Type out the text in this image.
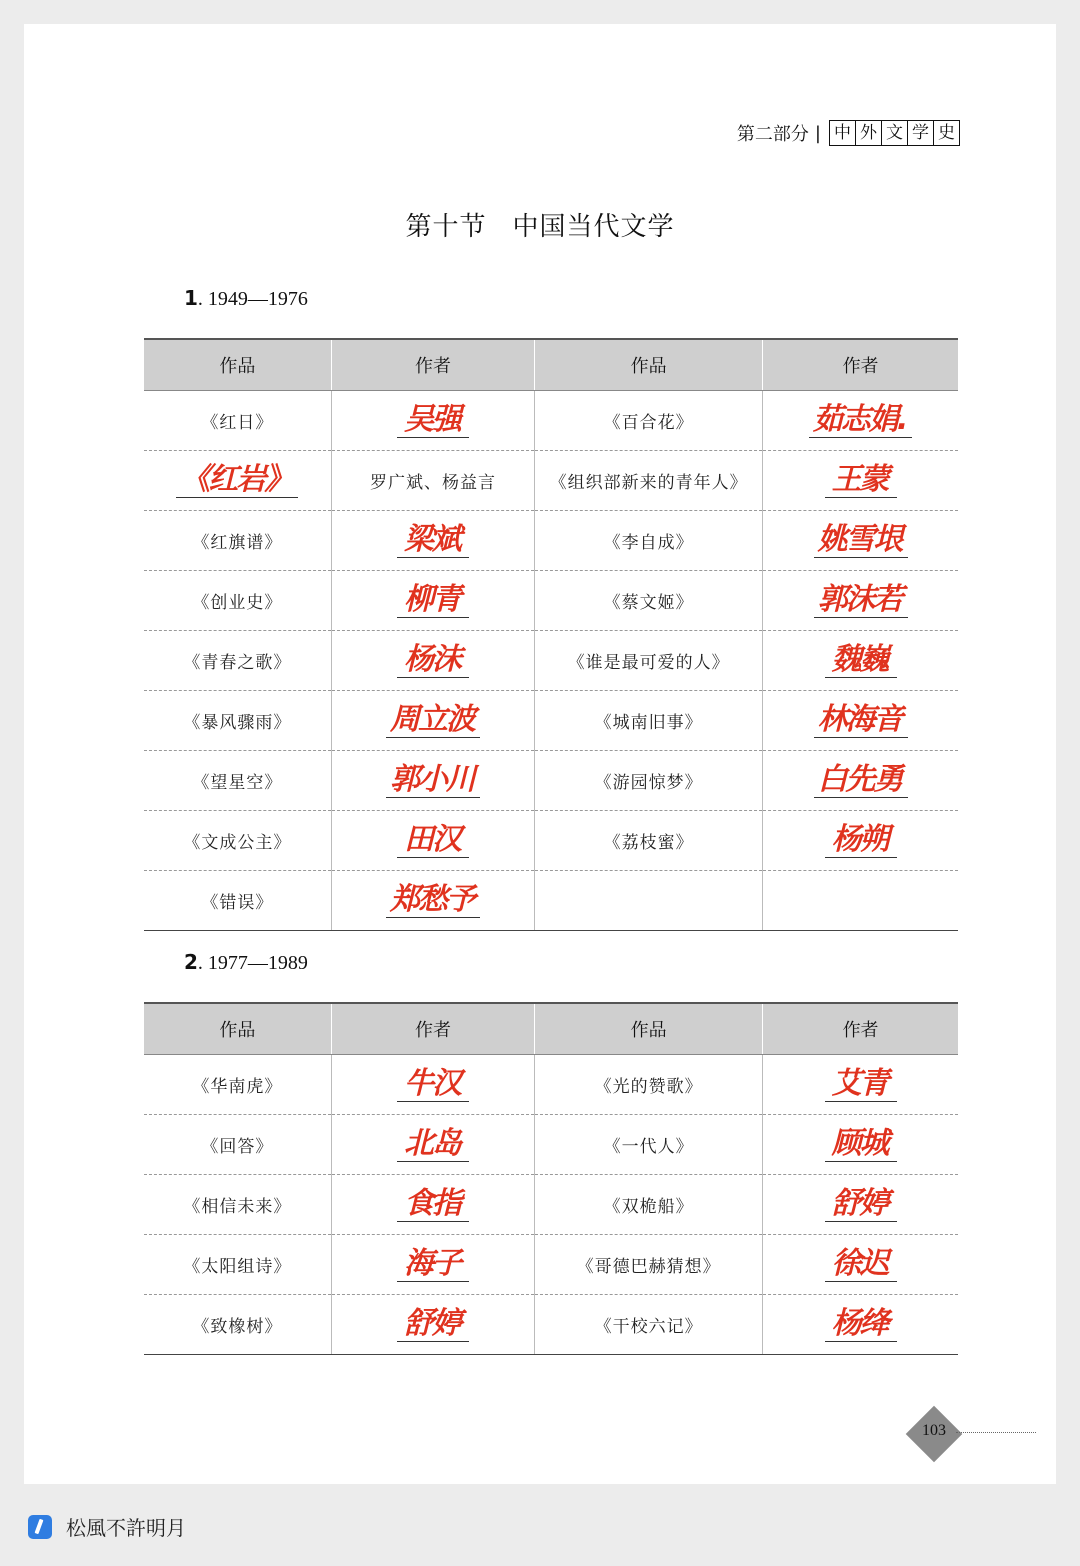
第二部分 | 中 外 文 学 史
第十节 中国当代文学
1. 1949—1976
作品	作者	作品	作者
《红日》	吴强	《百合花》	茹志娟.
《红岩》	罗广斌、杨益言	《组织部新来的青年人》	王蒙
《红旗谱》	梁斌	《李自成》	姚雪垠
《创业史》	柳青	《蔡文姬》	郭沫若
《青春之歌》	杨沫	《谁是最可爱的人》	魏巍
《暴风骤雨》	周立波	《城南旧事》	林海音
《望星空》	郭小川	《游园惊梦》	白先勇
《文成公主》	田汉	《荔枝蜜》	杨朔
《错误》	郑愁予		
2. 1977—1989
作品	作者	作品	作者
《华南虎》	牛汉	《光的赞歌》	艾青
《回答》	北岛	《一代人》	顾城
《相信未来》	食指	《双桅船》	舒婷
《太阳组诗》	海子	《哥德巴赫猜想》	徐迟
《致橡树》	舒婷	《干校六记》	杨绛
103
松風不許明月
